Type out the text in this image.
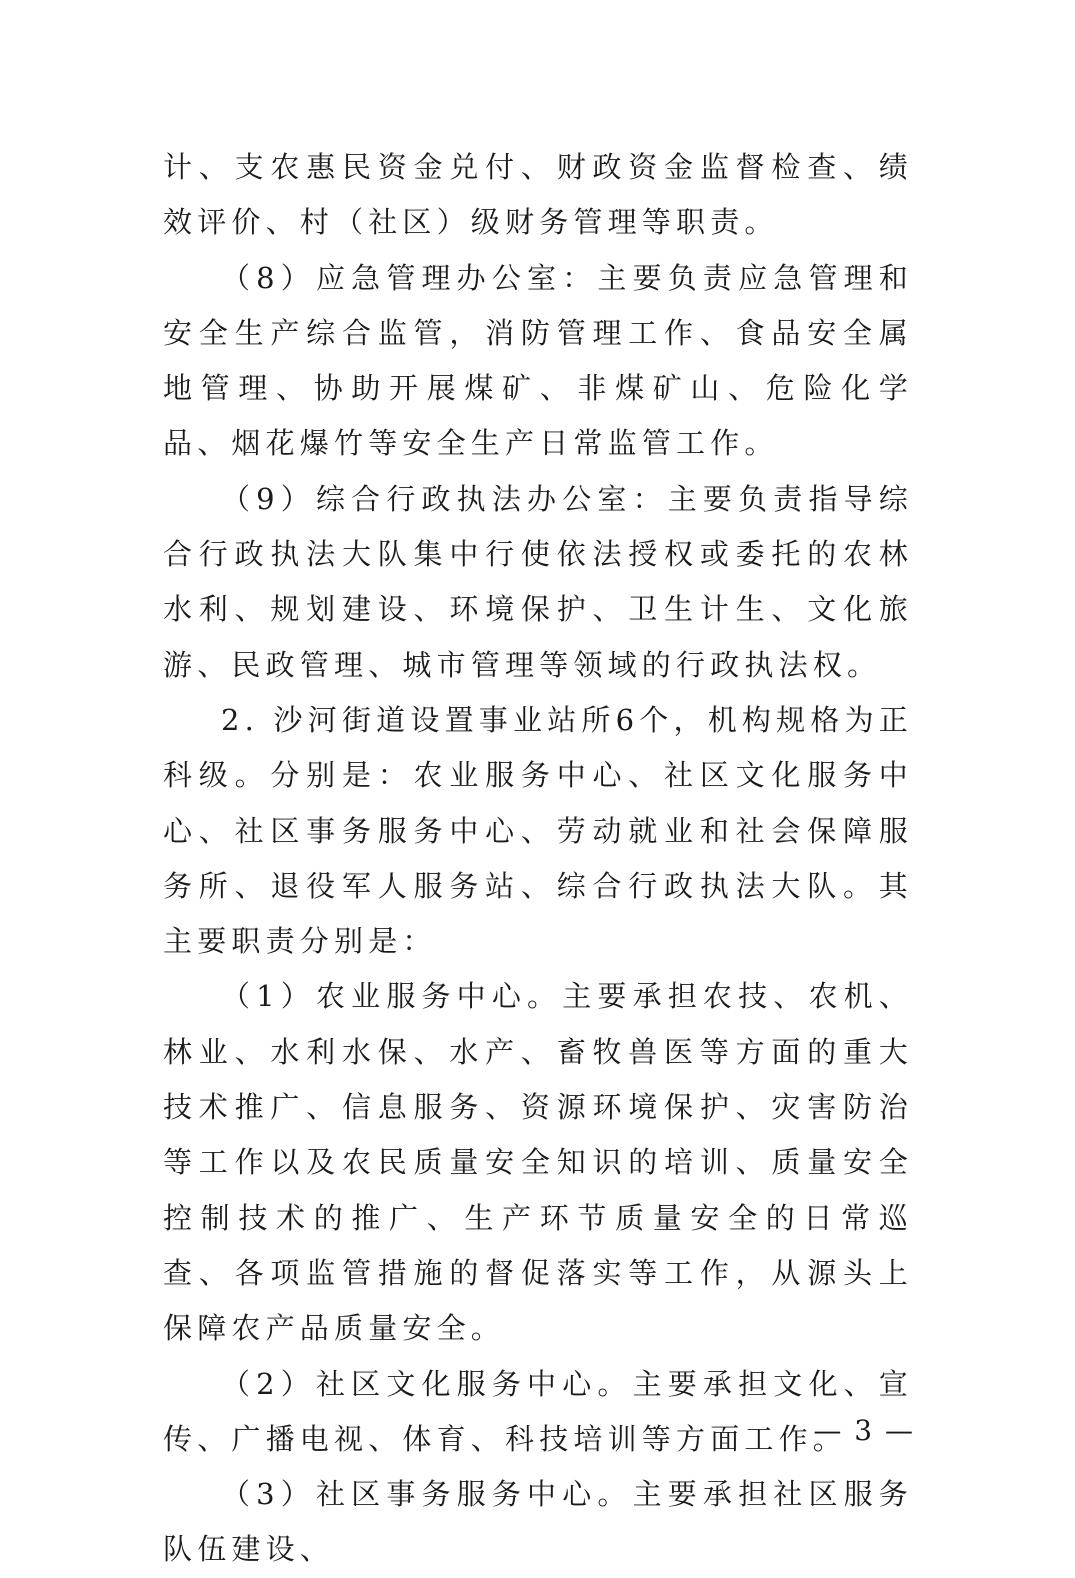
计、支农惠民资金兑付、财政资金监督检查、绩效评价、村（社区）级财务管理等职责。

（8）应急管理办公室：主要负责应急管理和安全生产综合监管，消防管理工作、食品安全属地管理、协助开展煤矿、非煤矿山、危险化学品、烟花爆竹等安全生产日常监管工作。

（9）综合行政执法办公室：主要负责指导综合行政执法大队集中行使依法授权或委托的农林水利、规划建设、环境保护、卫生计生、文化旅游、民政管理、城市管理等领域的行政执法权。

2. 沙河街道设置事业站所6个，机构规格为正科级。分别是：农业服务中心、社区文化服务中心、社区事务服务中心、劳动就业和社会保障服务所、退役军人服务站、综合行政执法大队。其主要职责分别是：

（1）农业服务中心。主要承担农技、农机、林业、水利水保、水产、畜牧兽医等方面的重大技术推广、信息服务、资源环境保护、灾害防治等工作以及农民质量安全知识的培训、质量安全控制技术的推广、生产环节质量安全的日常巡查、各项监管措施的督促落实等工作，从源头上保障农产品质量安全。

（2）社区文化服务中心。主要承担文化、宣传、广播电视、体育、科技培训等方面工作。

（3）社区事务服务中心。主要承担社区服务队伍建设、

— 3 —
